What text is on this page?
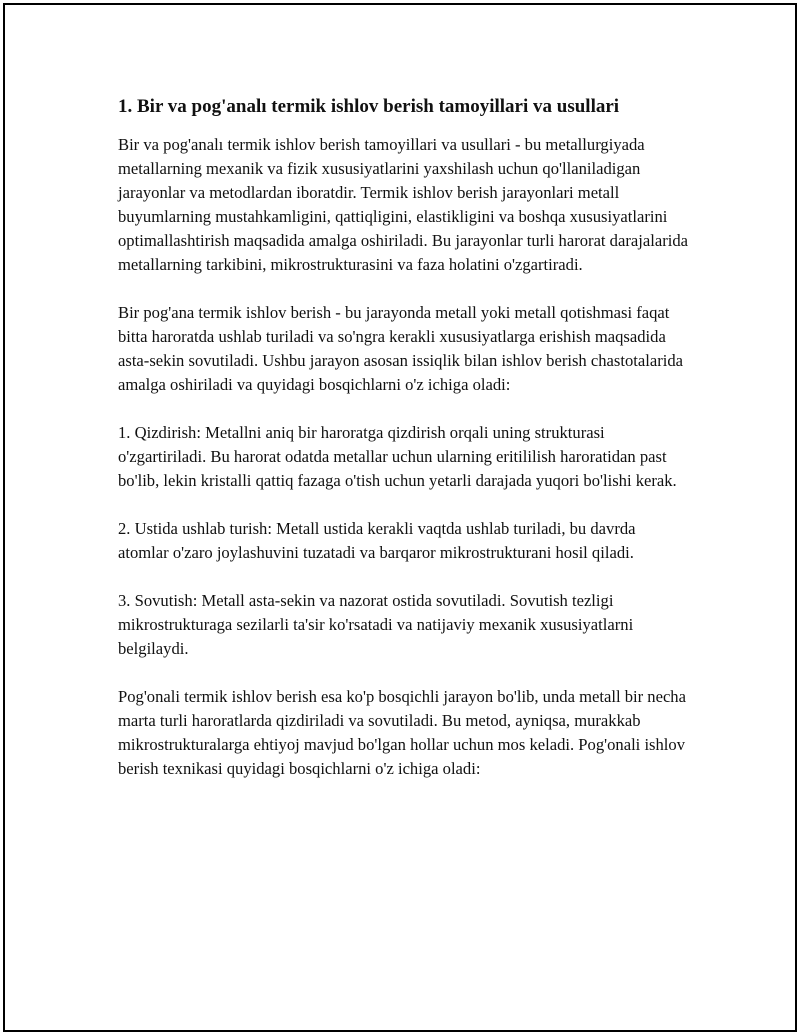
1. Bir va pog'analı termik ishlov berish tamoyillari va usullari

Bir va pog'analı termik ishlov berish tamoyillari va usullari - bu metallurgiyada metallarning mexanik va fizik xususiyatlarini yaxshilash uchun qo'llaniladigan jarayonlar va metodlardan iboratdir. Termik ishlov berish jarayonlari metall buyumlarning mustahkamligini, qattiqligini, elastikligini va boshqa xususiyatlarini optimallashtirish maqsadida amalga oshiriladi. Bu jarayonlar turli harorat darajalarida metallarning tarkibini, mikrostrukturasini va faza holatini o'zgartiradi.

Bir pog'ana termik ishlov berish - bu jarayonda metall yoki metall qotishmasi faqat bitta haroratda ushlab turiladi va so'ngra kerakli xususiyatlarga erishish maqsadida asta-sekin sovutiladi. Ushbu jarayon asosan issiqlik bilan ishlov berish chastotalarida amalga oshiriladi va quyidagi bosqichlarni o'z ichiga oladi:

1. Qizdirish: Metallni aniq bir haroratga qizdirish orqali uning strukturasi o'zgartiriladi. Bu harorat odatda metallar uchun ularning eritililish haroratidan past bo'lib, lekin kristalli qattiq fazaga o'tish uchun yetarli darajada yuqori bo'lishi kerak.

2. Ustida ushlab turish: Metall ustida kerakli vaqtda ushlab turiladi, bu davrda atomlar o'zaro joylashuvini tuzatadi va barqaror mikrostrukturani hosil qiladi.

3. Sovutish: Metall asta-sekin va nazorat ostida sovutiladi. Sovutish tezligi mikrostrukturaga sezilarli ta'sir ko'rsatadi va natijaviy mexanik xususiyatlarni belgilaydi.

Pog'onali termik ishlov berish esa ko'p bosqichli jarayon bo'lib, unda metall bir necha marta turli haroratlarda qizdiriladi va sovutiladi. Bu metod, ayniqsa, murakkab mikrostrukturalarga ehtiyoj mavjud bo'lgan hollar uchun mos keladi. Pog'onali ishlov berish texnikasi quyidagi bosqichlarni o'z ichiga oladi:
